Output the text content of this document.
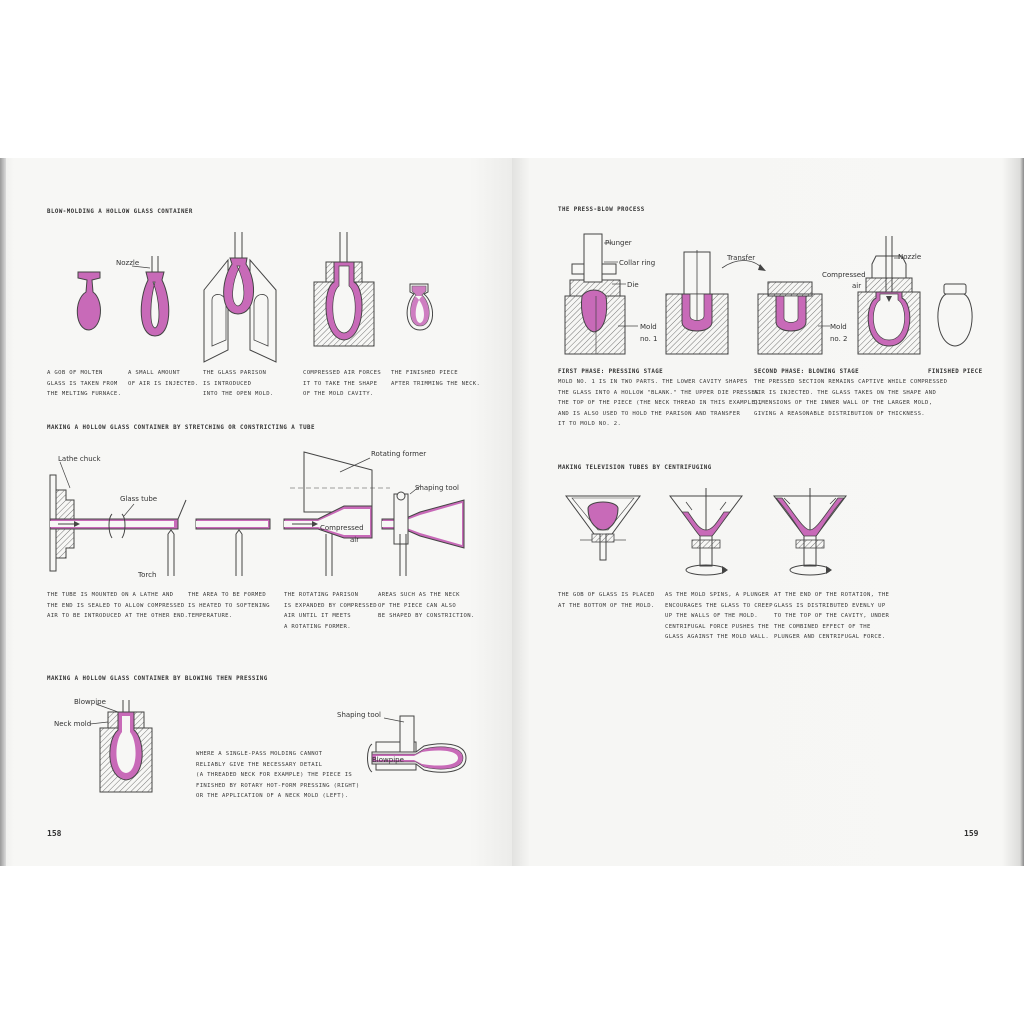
BLOW-MOLDING A HOLLOW GLASS CONTAINER
Nozzle
A GOB OF MOLTEN
GLASS IS TAKEN FROM
THE MELTING FURNACE.
A SMALL AMOUNT
OF AIR IS INJECTED.
THE GLASS PARISON
IS INTRODUCED
INTO THE OPEN MOLD.
COMPRESSED AIR FORCES
IT TO TAKE THE SHAPE
OF THE MOLD CAVITY.
THE FINISHED PIECE
AFTER TRIMMING THE NECK.
MAKING A HOLLOW GLASS CONTAINER BY STRETCHING OR CONSTRICTING A TUBE
Lathe chuck
Glass tube
Torch
Rotating former
Shaping tool
Compressed
air
THE TUBE IS MOUNTED ON A LATHE AND
THE END IS SEALED TO ALLOW COMPRESSED
AIR TO BE INTRODUCED AT THE OTHER END.
THE AREA TO BE FORMED
IS HEATED TO SOFTENING
TEMPERATURE.
THE ROTATING PARISON
IS EXPANDED BY COMPRESSED
AIR UNTIL IT MEETS
A ROTATING FORMER.
AREAS SUCH AS THE NECK
OF THE PIECE CAN ALSO
BE SHAPED BY CONSTRICTION.
MAKING A HOLLOW GLASS CONTAINER BY BLOWING THEN PRESSING
Blowpipe
Neck mold
Shaping tool
Blowpipe
WHERE A SINGLE-PASS MOLDING CANNOT
RELIABLY GIVE THE NECESSARY DETAIL
(A THREADED NECK FOR EXAMPLE) THE PIECE IS
FINISHED BY ROTARY HOT-FORM PRESSING (RIGHT)
OR THE APPLICATION OF A NECK MOLD (LEFT).
158
THE PRESS-BLOW PROCESS
Plunger
Collar ring
Die
Mold
no. 1
Transfer
Compressed
air
Nozzle
Mold
no. 2
FIRST PHASE: PRESSING STAGE
MOLD NO. 1 IS IN TWO PARTS. THE LOWER CAVITY SHAPES
THE GLASS INTO A HOLLOW "BLANK." THE UPPER DIE PRESSES
THE TOP OF THE PIECE (THE NECK THREAD IN THIS EXAMPLE),
AND IS ALSO USED TO HOLD THE PARISON AND TRANSFER
IT TO MOLD NO. 2.
SECOND PHASE: BLOWING STAGE
THE PRESSED SECTION REMAINS CAPTIVE WHILE COMPRESSED
AIR IS INJECTED. THE GLASS TAKES ON THE SHAPE AND
DIMENSIONS OF THE INNER WALL OF THE LARGER MOLD,
GIVING A REASONABLE DISTRIBUTION OF THICKNESS.
FINISHED PIECE
MAKING TELEVISION TUBES BY CENTRIFUGING
THE GOB OF GLASS IS PLACED
AT THE BOTTOM OF THE MOLD.
AS THE MOLD SPINS, A PLUNGER
ENCOURAGES THE GLASS TO CREEP
UP THE WALLS OF THE MOLD.
CENTRIFUGAL FORCE PUSHES THE
GLASS AGAINST THE MOLD WALL.
AT THE END OF THE ROTATION, THE
GLASS IS DISTRIBUTED EVENLY UP
TO THE TOP OF THE CAVITY, UNDER
THE COMBINED EFFECT OF THE
PLUNGER AND CENTRIFUGAL FORCE.
159
